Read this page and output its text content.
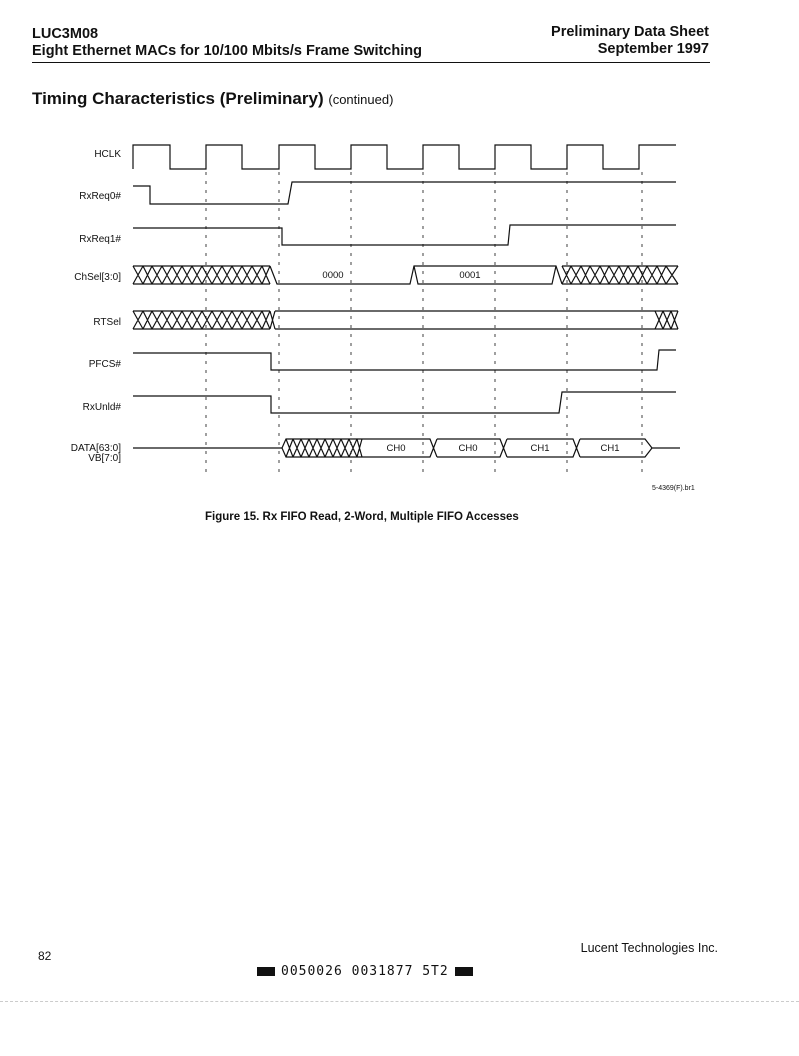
LUC3M08
Eight Ethernet MACs for 10/100 Mbits/s Frame Switching
Preliminary Data Sheet
September 1997
Timing Characteristics (Preliminary) (continued)
HCLK
RxReq0#
RxReq1#
ChSel[3:0]
RTSel
PFCS#
RxUnld#
DATA[63:0]
VB[7:0]
0000	0001
CH0	CH0	CH1	CH1
5-4369(F).br1
Figure 15. Rx FIFO Read, 2-Word, Multiple FIFO Accesses
82
Lucent Technologies Inc.
0050026 0031877 5T2
